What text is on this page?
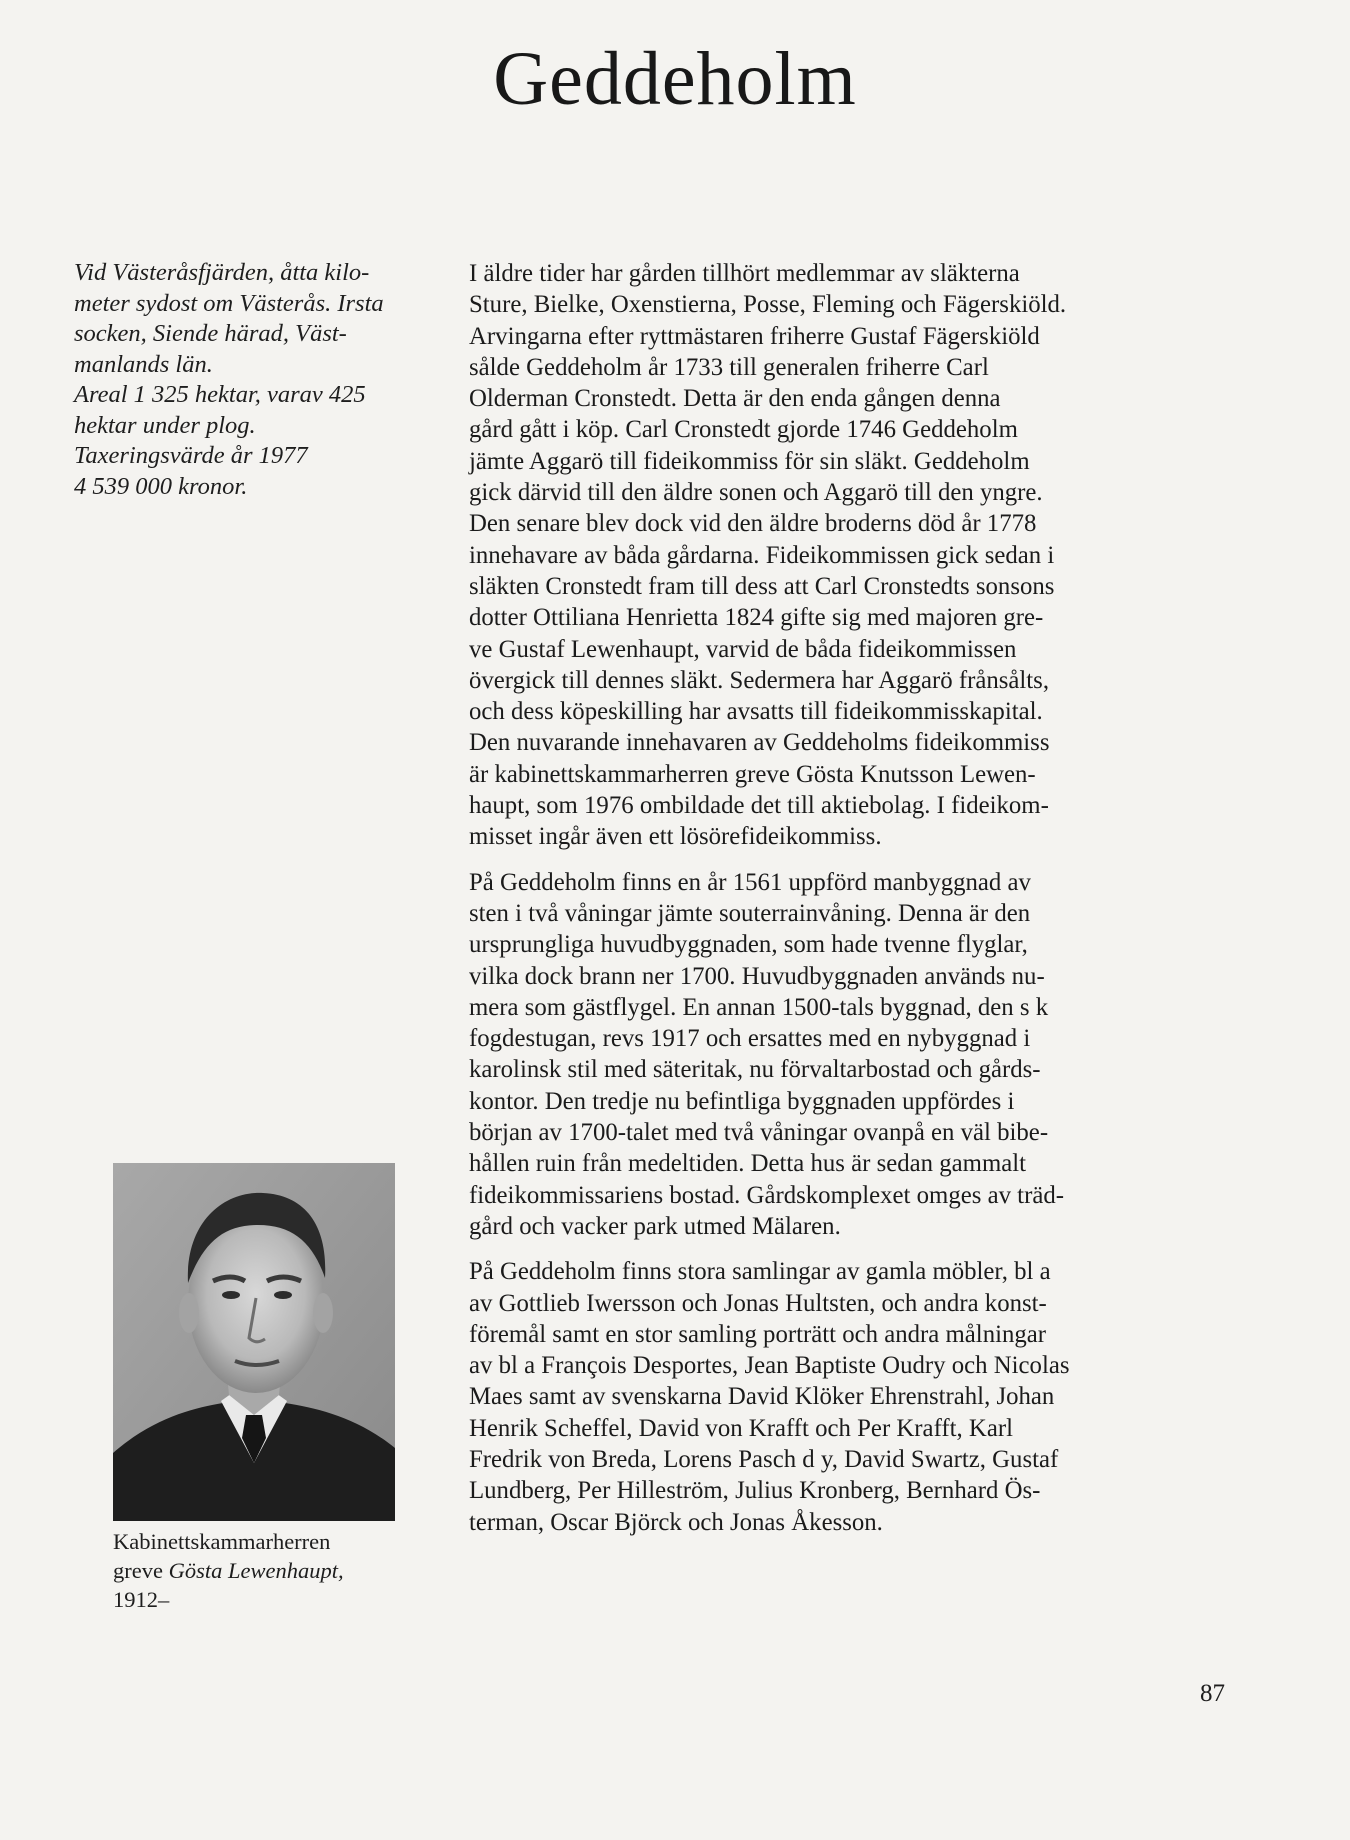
Geddeholm

Vid Västeråsfjärden, åtta kilo-

meter sydost om Västerås. Irsta

socken, Siende härad, Väst-

manlands län.

Areal 1 325 hektar, varav 425

hektar under plog.

Taxeringsvärde år 1977

4 539 000 kronor.

Kabinettskammarherren
greve Gösta Lewenhaupt,
1912–

I äldre tider har gården tillhört medlemmar av släkterna
Sture, Bielke, Oxenstierna, Posse, Fleming och Fägerskiöld.
Arvingarna efter ryttmästaren friherre Gustaf Fägerskiöld
sålde Geddeholm år 1733 till generalen friherre Carl
Olderman Cronstedt. Detta är den enda gången denna
gård gått i köp. Carl Cronstedt gjorde 1746 Geddeholm
jämte Aggarö till fideikommiss för sin släkt. Geddeholm
gick därvid till den äldre sonen och Aggarö till den yngre.
Den senare blev dock vid den äldre broderns död år 1778
innehavare av båda gårdarna. Fideikommissen gick sedan i
släkten Cronstedt fram till dess att Carl Cronstedts sonsons
dotter Ottiliana Henrietta 1824 gifte sig med majoren gre-
ve Gustaf Lewenhaupt, varvid de båda fideikommissen
övergick till dennes släkt. Sedermera har Aggarö frånsålts,
och dess köpeskilling har avsatts till fideikommisskapital.
Den nuvarande innehavaren av Geddeholms fideikommiss
är kabinettskammarherren greve Gösta Knutsson Lewen-
haupt, som 1976 ombildade det till aktiebolag. I fideikom-
misset ingår även ett lösörefideikommiss.

På Geddeholm finns en år 1561 uppförd manbyggnad av
sten i två våningar jämte souterrainvåning. Denna är den
ursprungliga huvudbyggnaden, som hade tvenne flyglar,
vilka dock brann ner 1700. Huvudbyggnaden används nu-
mera som gästflygel. En annan 1500-tals byggnad, den s k
fogdestugan, revs 1917 och ersattes med en nybyggnad i
karolinsk stil med säteritak, nu förvaltarbostad och gårds-
kontor. Den tredje nu befintliga byggnaden uppfördes i
början av 1700-talet med två våningar ovanpå en väl bibe-
hållen ruin från medeltiden. Detta hus är sedan gammalt
fideikommissariens bostad. Gårdskomplexet omges av träd-
gård och vacker park utmed Mälaren.

På Geddeholm finns stora samlingar av gamla möbler, bl a
av Gottlieb Iwersson och Jonas Hultsten, och andra konst-
föremål samt en stor samling porträtt och andra målningar
av bl a François Desportes, Jean Baptiste Oudry och Nicolas
Maes samt av svenskarna David Klöker Ehrenstrahl, Johan
Henrik Scheffel, David von Krafft och Per Krafft, Karl
Fredrik von Breda, Lorens Pasch d y, David Swartz, Gustaf
Lundberg, Per Hilleström, Julius Kronberg, Bernhard Ös-
terman, Oscar Björck och Jonas Åkesson.

87
